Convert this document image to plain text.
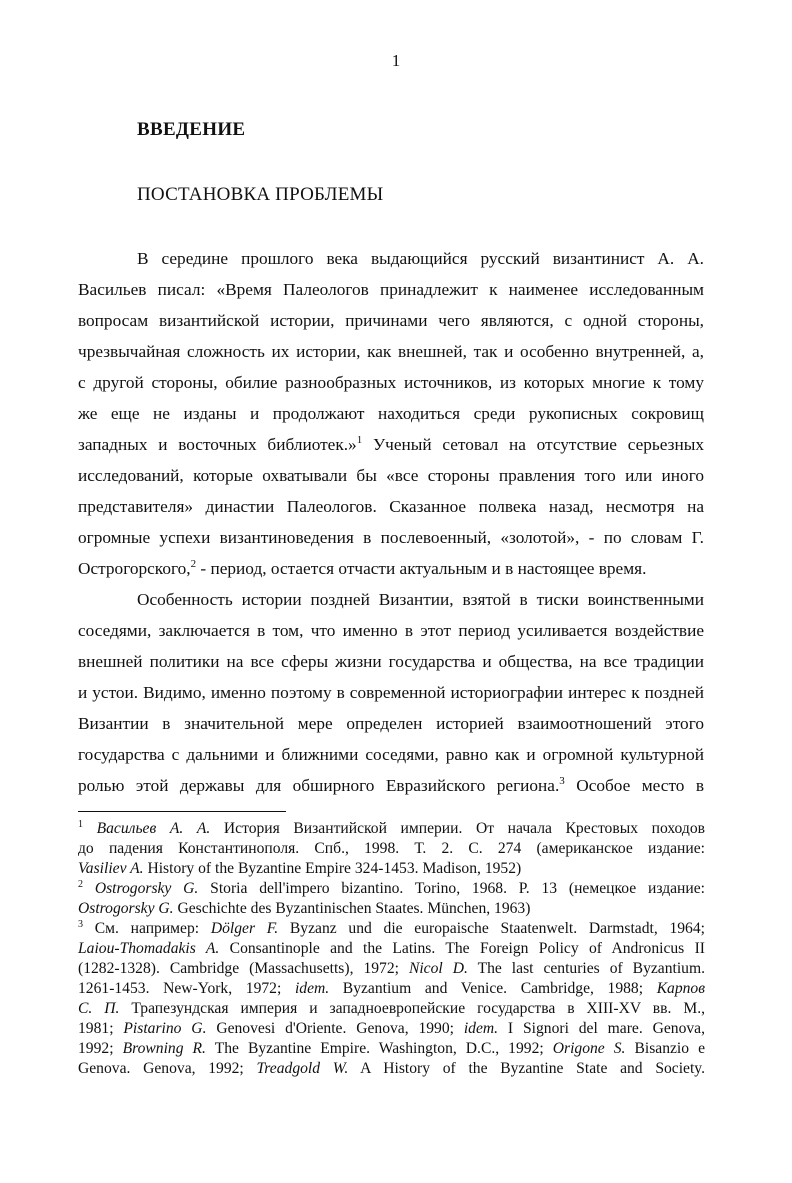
1
ВВЕДЕНИЕ
ПОСТАНОВКА ПРОБЛЕМЫ
В середине прошлого века выдающийся русский византинист А. А.
Васильев писал: «Время Палеологов принадлежит к наименее исследованным
вопросам византийской истории, причинами чего являются, с одной стороны,
чрезвычайная сложность их истории, как внешней, так и особенно внутренней, а,
с другой стороны, обилие разнообразных источников, из которых многие к тому
же еще не изданы и продолжают находиться среди рукописных сокровищ
западных и восточных библиотек.»$^1$ Ученый сетовал на отсутствие серьезных
исследований, которые охватывали бы «все стороны правления того или иного
представителя» династии Палеологов. Сказанное полвека назад, несмотря на
огромные успехи византиноведения в послевоенный, «золотой», - по словам Г.
Острогорского,$^2$ - период, остается отчасти актуальным и в настоящее время.
Особенность истории поздней Византии, взятой в тиски воинственными
соседями, заключается в том, что именно в этот период усиливается воздействие
внешней политики на все сферы жизни государства и общества, на все традиции
и устои. Видимо, именно поэтому в современной историографии интерес к поздней
Византии в значительной мере определен историей взаимоотношений этого
государства с дальними и ближними соседями, равно как и огромной культурной
ролью этой державы для обширного Евразийского региона.$^3$ Особое место в
$^1$ Васильев А. А. История Византийской империи. От начала Крестовых походов
до падения Константинополя. Спб., 1998. Т. 2. С. 274 (американское издание:
Vasiliev A. History of the Byzantine Empire 324-1453. Madison, 1952)
$^2$ Ostrogorsky G. Storia dell'impero bizantino. Torino, 1968. P. 13 (немецкое издание:
Ostrogorsky G. Geschichte des Byzantinischen Staates. München, 1963)
$^3$ См. например: Dölger F. Byzanz und die europaische Staatenwelt. Darmstadt, 1964;
Laiou-Thomadakis A. Consantinople and the Latins. The Foreign Policy of Andronicus II
(1282-1328). Cambridge (Massachusetts), 1972; Nicol D. The last centuries of Byzantium.
1261-1453. New-York, 1972; idem. Byzantium and Venice. Cambridge, 1988; Карпов
С. П. Трапезундская империя и западноевропейские государства в XIII-XV вв. М.,
1981; Pistarino G. Genovesi d'Oriente. Genova, 1990; idem. I Signori del mare. Genova,
1992; Browning R. The Byzantine Empire. Washington, D.C., 1992; Origone S. Bisanzio e
Genova. Genova, 1992; Treadgold W. A History of the Byzantine State and Society.
